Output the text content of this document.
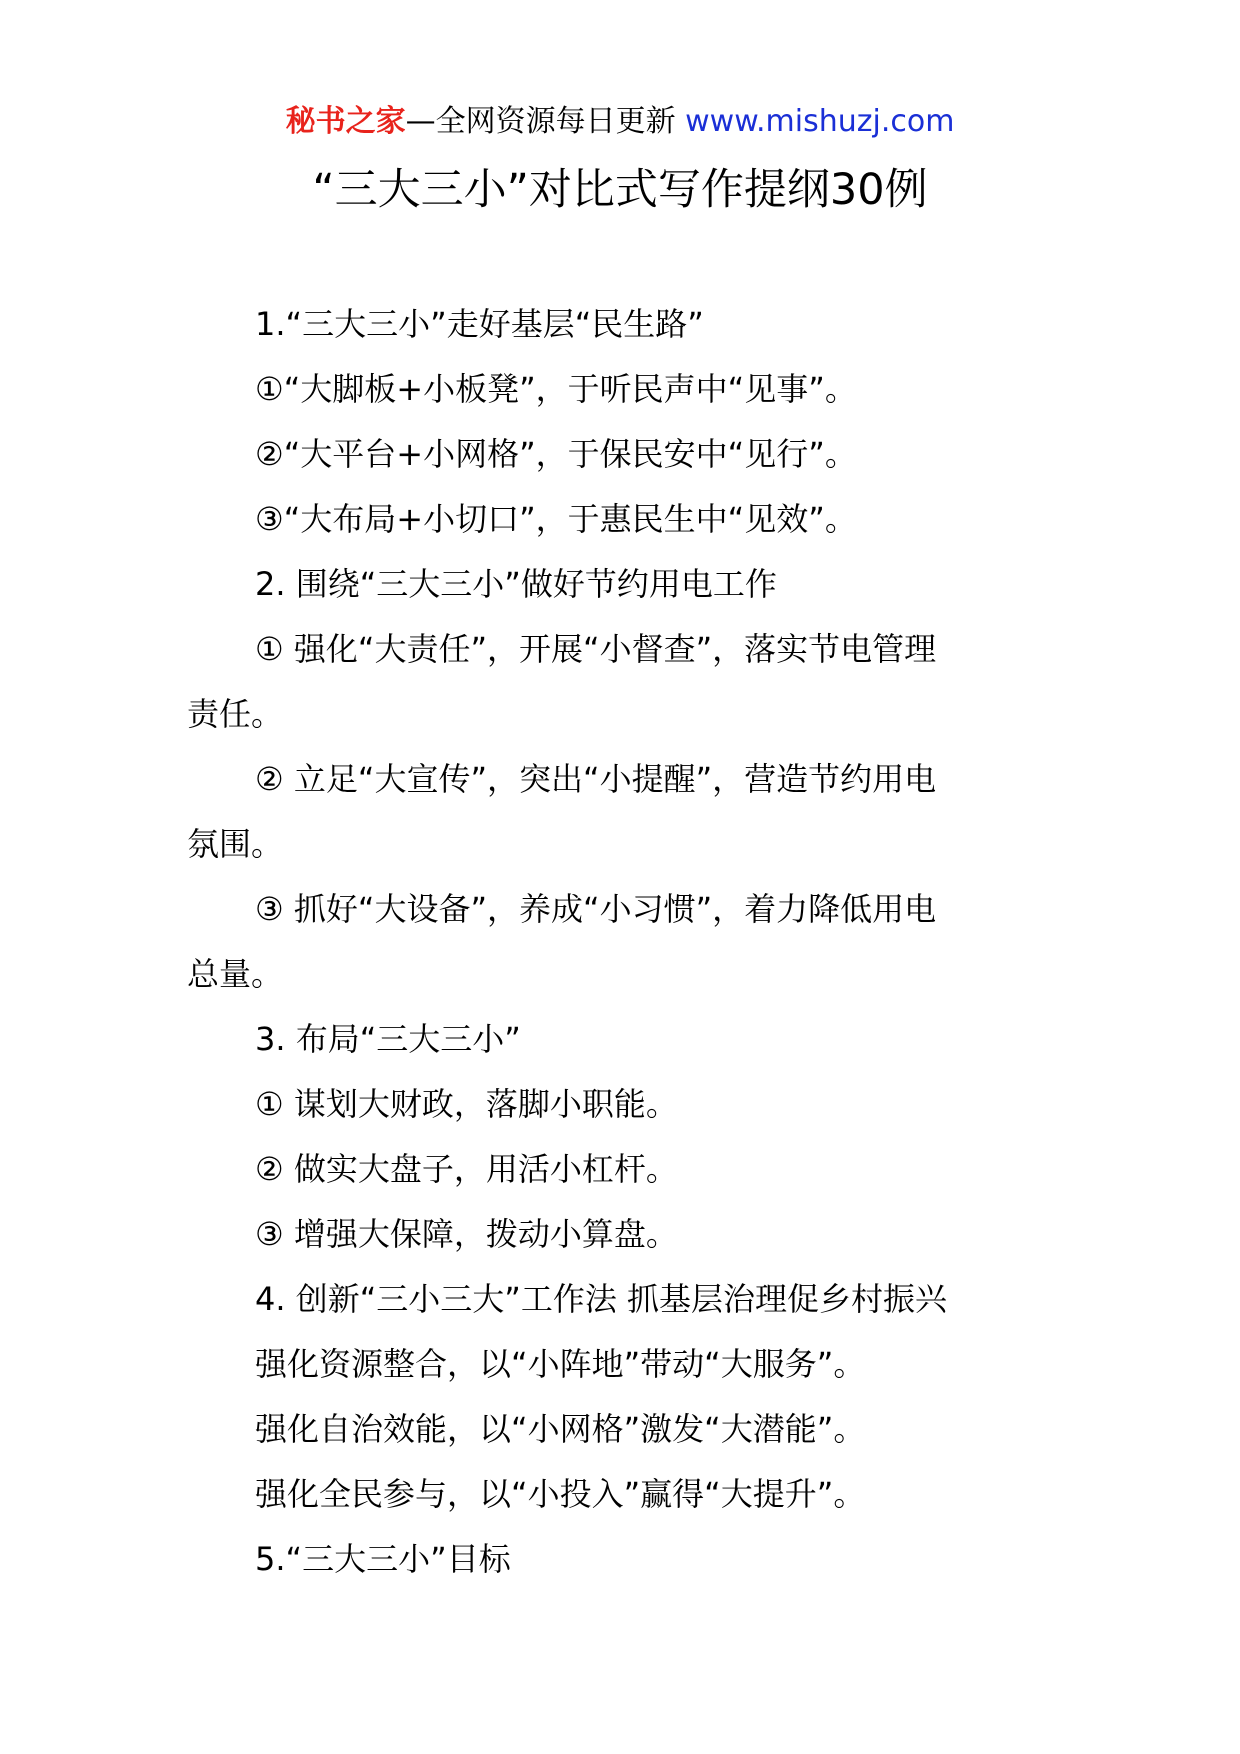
秘书之家—全网资源每日更新 www.mishuzj.com
“三大三小”对比式写作提纲30例
1.“三大三小”走好基层“民生路”
①“大脚板+小板凳”，于听民声中“见事”。
②“大平台+小网格”，于保民安中“见行”。
③“大布局+小切口”，于惠民生中“见效”。
2. 围绕“三大三小”做好节约用电工作
① 强化“大责任”，开展“小督查”，落实节电管理
责任。
② 立足“大宣传”，突出“小提醒”，营造节约用电
氛围。
③ 抓好“大设备”，养成“小习惯”，着力降低用电
总量。
3. 布局“三大三小”
① 谋划大财政，落脚小职能。
② 做实大盘子，用活小杠杆。
③ 增强大保障，拨动小算盘。
4. 创新“三小三大”工作法 抓基层治理促乡村振兴
强化资源整合，以“小阵地”带动“大服务”。
强化自治效能，以“小网格”激发“大潜能”。
强化全民参与，以“小投入”赢得“大提升”。
5.“三大三小”目标
